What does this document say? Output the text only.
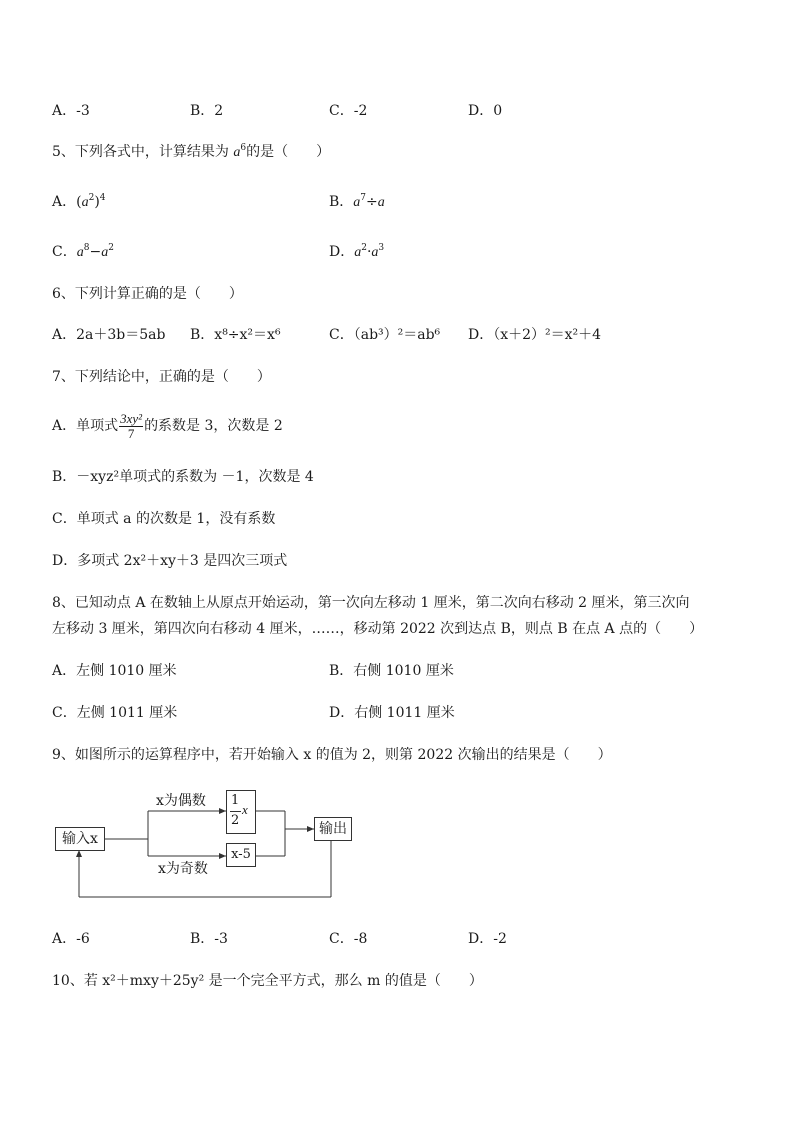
A．-3	B．2	C．-2	D．0
5、下列各式中，计算结果为 $a^6$的是（　　）
A．$(a^2)^4$	B．$a^7\div a$
C．$a^8-a^2$	D．$a^2\cdot a^3$
6、下列计算正确的是（　　）
A．2a＋3b＝5ab B．x⁸÷x²＝x⁶	C．（ab³）²＝ab⁶ D．（x＋2）²＝x²＋4
7、下列结论中，正确的是（　　）
A．单项式 $\frac{\text{3xy²}}{7}$ 的系数是 3，次数是 2
B．－xyz²单项式的系数为 －1，次数是 4
C．单项式 a 的次数是 1，没有系数
D．多项式 2x²＋xy＋3 是四次三项式
8、已知动点 A 在数轴上从原点开始运动，第一次向左移动 1 厘米，第二次向右移动 2 厘米，第三次向
左移动 3 厘米，第四次向右移动 4 厘米，……，移动第 2022 次到达点 B，则点 B 在点 A 点的（　　）
A．左侧 1010 厘米	B．右侧 1010 厘米
C．左侧 1011 厘米	D．右侧 1011 厘米
9、如图所示的运算程序中，若开始输入 x 的值为 2，则第 2022 次输出的结果是（　　）
输入x
x为偶数
x为奇数
1
2
x
x-5
输出
A．-6	B．-3	C．-8	D．-2
10、若 x²＋mxy＋25y² 是一个完全平方式，那么 m 的值是（　　）
